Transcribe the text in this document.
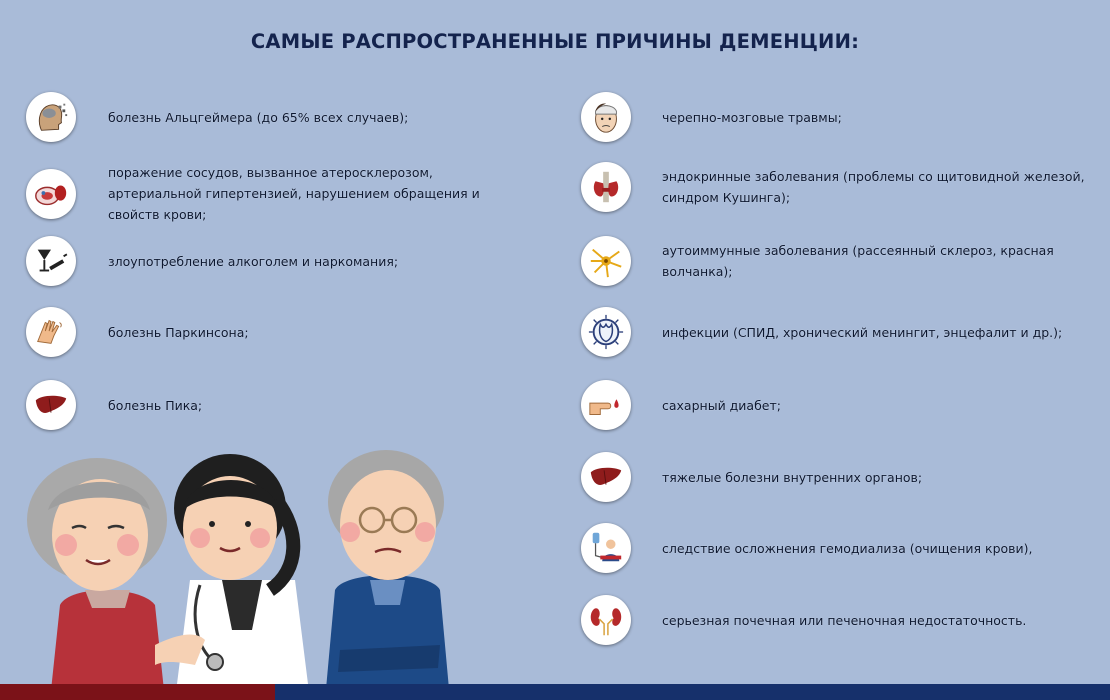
САМЫЕ РАСПРОСТРАНЕННЫЕ ПРИЧИНЫ ДЕМЕНЦИИ:
болезнь Альцгеймера (до 65% всех случаев);
поражение сосудов, вызванное атеросклерозом, артериальной гипертензией, нарушением обращения и свойств крови;
злоупотребление алкоголем и наркомания;
болезнь Паркинсона;
болезнь Пика;
черепно-мозговые травмы;
эндокринные заболевания (проблемы со щитовидной железой, синдром Кушинга);
аутоиммунные заболевания (рассеянный склероз, красная волчанка);
инфекции (СПИД, хронический менингит, энцефалит и др.);
сахарный диабет;
тяжелые болезни внутренних органов;
следствие осложнения гемодиализа (очищения крови),
серьезная почечная или печеночная недостаточность.
